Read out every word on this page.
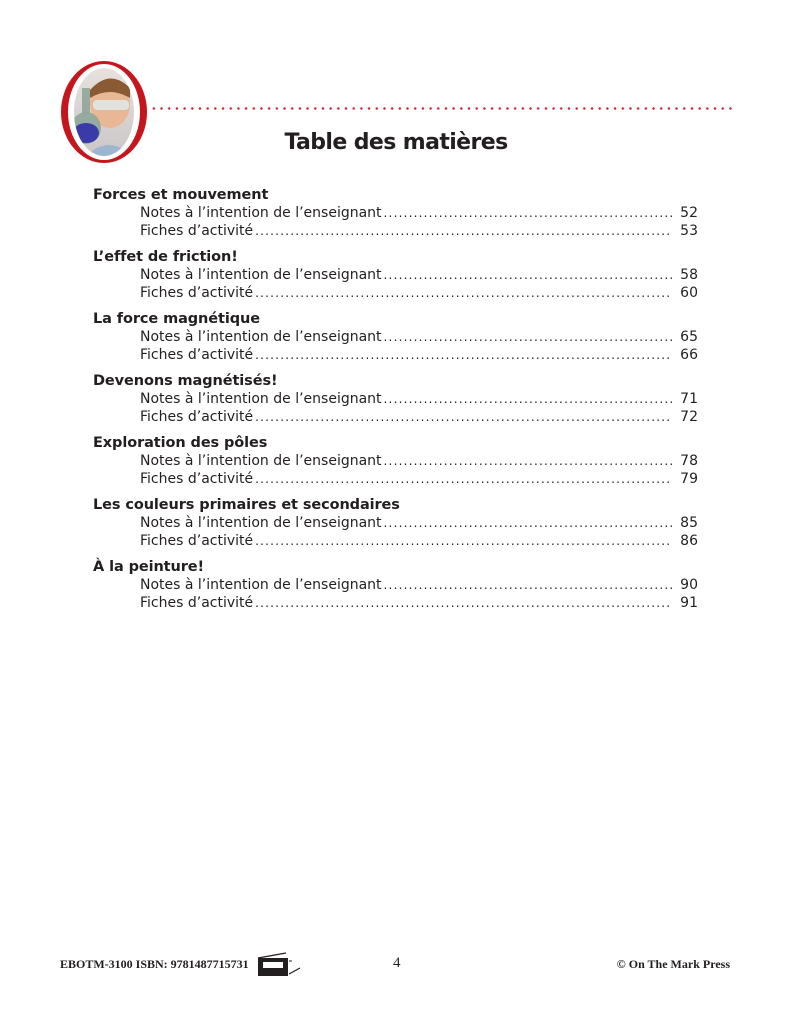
Table des matières
Forces et mouvement
Notes à l’intention de l’enseignant .....	52
Fiches d’activité .....	53
L’effet de friction!
Notes à l’intention de l’enseignant .....	58
Fiches d’activité .....	60
La force magnétique
Notes à l’intention de l’enseignant .....	65
Fiches d’activité .....	66
Devenons magnétisés!
Notes à l’intention de l’enseignant .....	71
Fiches d’activité .....	72
Exploration des pôles
Notes à l’intention de l’enseignant .....	78
Fiches d’activité .....	79
Les couleurs primaires et secondaires
Notes à l’intention de l’enseignant .....	85
Fiches d’activité .....	86
À la peinture!
Notes à l’intention de l’enseignant .....	90
Fiches d’activité .....	91
EBOTM-3100 ISBN: 9781487715731	4	© On The Mark Press
